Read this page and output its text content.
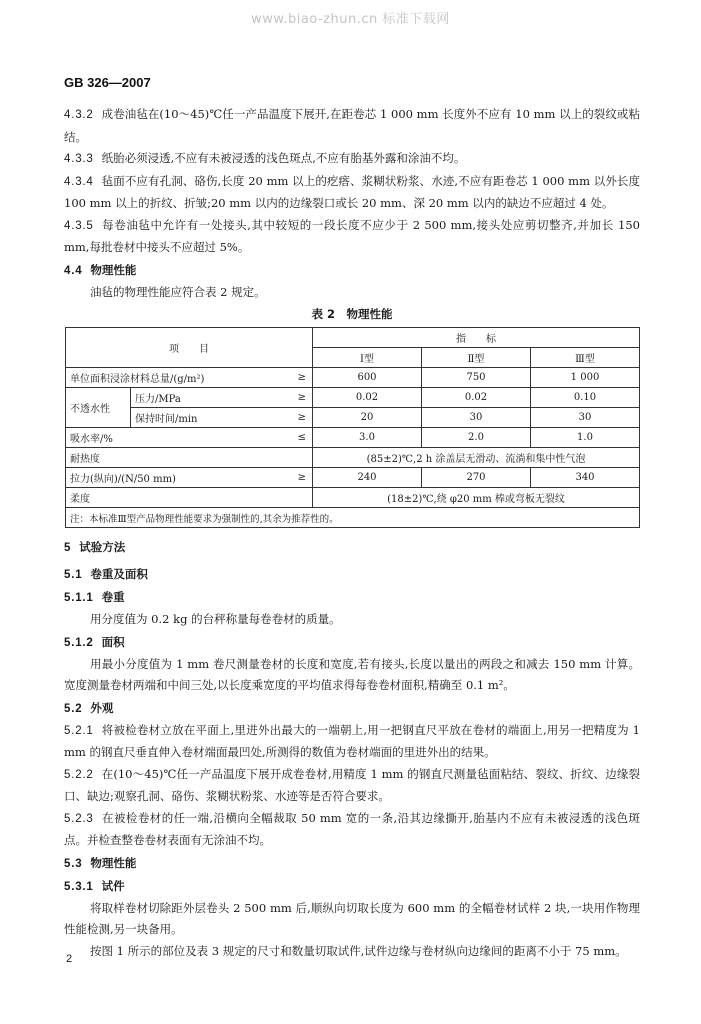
www.biao-zhun.cn 标准下载网
GB 326—2007

4.3.2 成卷油毡在(10～45)℃任一产品温度下展开,在距卷芯 1 000 mm 长度外不应有 10 mm 以上的裂纹或粘结。

4.3.3 纸胎必须浸透,不应有未被浸透的浅色斑点,不应有胎基外露和涂油不均。

4.3.4 毡面不应有孔洞、硌伤,长度 20 mm 以上的疙瘩、浆糊状粉浆、水迹,不应有距卷芯 1 000 mm 以外长度 100 mm 以上的折纹、折皱;20 mm 以内的边缘裂口或长 20 mm、深 20 mm 以内的缺边不应超过 4 处。

4.3.5 每卷油毡中允许有一处接头,其中较短的一段长度不应少于 2 500 mm,接头处应剪切整齐,并加长 150 mm,每批卷材中接头不应超过 5%。

4.4 物理性能

油毡的物理性能应符合表 2 规定。

表 2　物理性能
项　　目			指　　标		
			Ⅰ型	Ⅱ型	Ⅲ型
单位面积浸涂材料总量/(g/m²)		≥	600	750	1 000
不透水性	压力/MPa	≥	0.02	0.02	0.10
	保持时间/min	≥	20	30	30
吸水率/%		≤	3.0	2.0	1.0
耐热度			(85±2)℃,2 h 涂盖层无滑动、流淌和集中性气泡		
拉力(纵向)/(N/50 mm)		≥	240	270	340
柔度			(18±2)℃,绕 φ20 mm 棒或弯板无裂纹		
注：本标准Ⅲ型产品物理性能要求为强制性的,其余为推荐性的。					

5 试验方法

5.1 卷重及面积

5.1.1 卷重

用分度值为 0.2 kg 的台秤称量每卷卷材的质量。

5.1.2 面积

用最小分度值为 1 mm 卷尺测量卷材的长度和宽度,若有接头,长度以量出的两段之和减去 150 mm 计算。宽度测量卷材两端和中间三处,以长度乘宽度的平均值求得每卷卷材面积,精确至 0.1 m²。

5.2 外观

5.2.1 将被检卷材立放在平面上,里进外出最大的一端朝上,用一把钢直尺平放在卷材的端面上,用另一把精度为 1 mm 的钢直尺垂直伸入卷材端面最凹处,所测得的数值为卷材端面的里进外出的结果。

5.2.2 在(10～45)℃任一产品温度下展开成卷卷材,用精度 1 mm 的钢直尺测量毡面粘结、裂纹、折纹、边缘裂口、缺边;观察孔洞、硌伤、浆糊状粉浆、水迹等是否符合要求。

5.2.3 在被检卷材的任一端,沿横向全幅裁取 50 mm 宽的一条,沿其边缘撕开,胎基内不应有未被浸透的浅色斑点。并检查整卷卷材表面有无涂油不均。

5.3 物理性能

5.3.1 试件

将取样卷材切除距外层卷头 2 500 mm 后,顺纵向切取长度为 600 mm 的全幅卷材试样 2 块,一块用作物理性能检测,另一块备用。

按图 1 所示的部位及表 3 规定的尺寸和数量切取试件,试件边缘与卷材纵向边缘间的距离不小于 75 mm。

2
